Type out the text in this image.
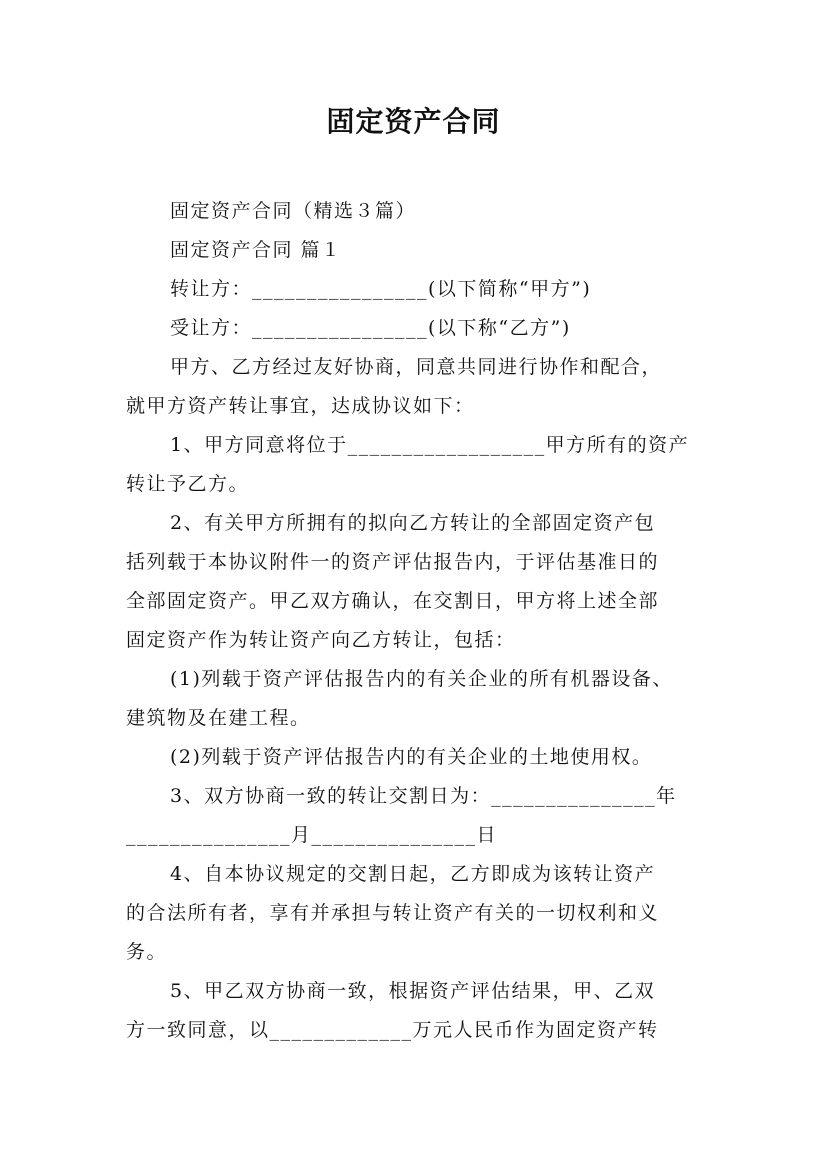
固定资产合同
固定资产合同（精选３篇）
固定资产合同 篇１
转让方：________________(以下简称“甲方”)
受让方：________________(以下称“乙方”)
甲方、乙方经过友好协商，同意共同进行协作和配合，
就甲方资产转让事宜，达成协议如下：
1、甲方同意将位于__________________甲方所有的资产
转让予乙方。
2、有关甲方所拥有的拟向乙方转让的全部固定资产包
括列载于本协议附件一的资产评估报告内，于评估基准日的
全部固定资产。甲乙双方确认，在交割日，甲方将上述全部
固定资产作为转让资产向乙方转让，包括：
(1)列载于资产评估报告内的有关企业的所有机器设备、
建筑物及在建工程。
(2)列载于资产评估报告内的有关企业的土地使用权。
3、双方协商一致的转让交割日为：_______________年
_______________月_______________日
4、自本协议规定的交割日起，乙方即成为该转让资产
的合法所有者，享有并承担与转让资产有关的一切权利和义
务。
5、甲乙双方协商一致，根据资产评估结果，甲、乙双
方一致同意，以_____________万元人民币作为固定资产转
